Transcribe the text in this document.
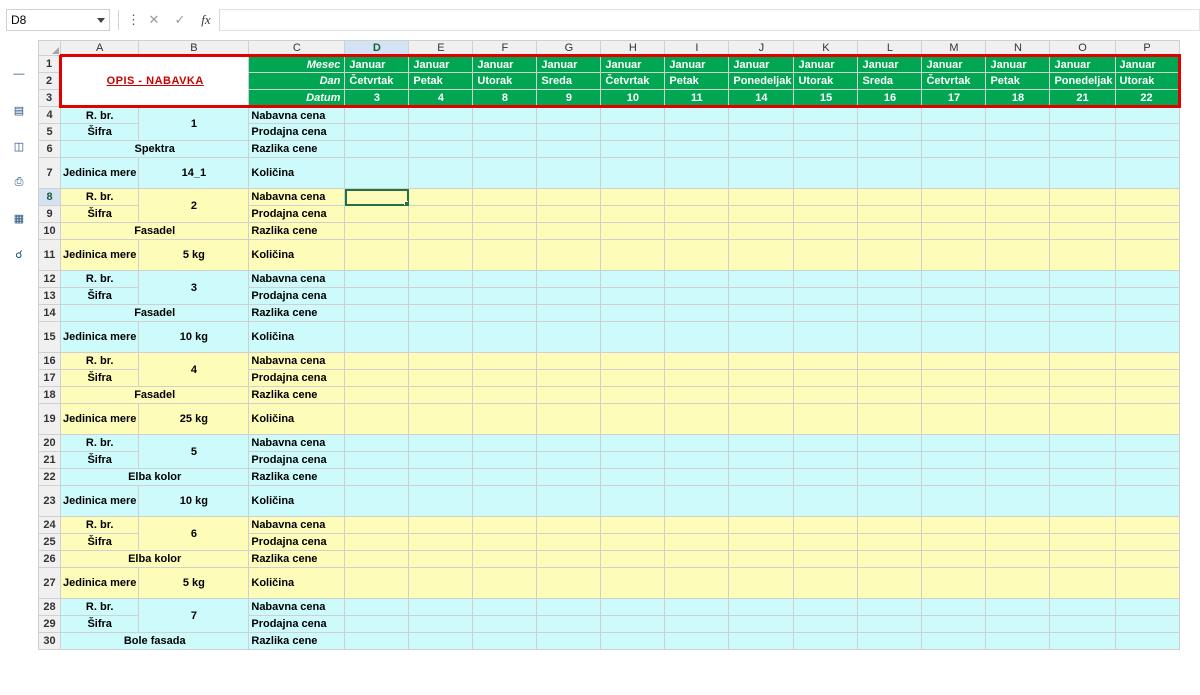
D8	⋮ ✕	✓	fx
—
▤
◫
⎙
▦
☌
	A	B	C	D	E	F	G	H	I	J	K	L	M	N	O	P
1	OPIS - NABAVKA		Mesec	Januar	Januar	Januar	Januar	Januar	Januar	Januar	Januar	Januar	Januar	Januar	Januar	Januar
2			Dan	Četvrtak	Petak	Utorak	Sreda	Četvrtak	Petak	Ponedeljak	Utorak	Sreda	Četvrtak	Petak	Ponedeljak	Utorak
3			Datum	3	4	8	9	10	11	14	15	16	17	18	21	22
4	R. br.	1	Nabavna cena													
5	Šifra		Prodajna cena													
6	Spektra		Razlika cene													
7	Jedinica mere	14_1	Količina													
8	R. br.	2	Nabavna cena													
9	Šifra		Prodajna cena													
10	Fasadel		Razlika cene													
11	Jedinica mere	5 kg	Količina													
12	R. br.	3	Nabavna cena													
13	Šifra		Prodajna cena													
14	Fasadel		Razlika cene													
15	Jedinica mere	10 kg	Količina													
16	R. br.	4	Nabavna cena													
17	Šifra		Prodajna cena													
18	Fasadel		Razlika cene													
19	Jedinica mere	25 kg	Količina													
20	R. br.	5	Nabavna cena													
21	Šifra		Prodajna cena													
22	Elba kolor		Razlika cene													
23	Jedinica mere	10 kg	Količina													
24	R. br.	6	Nabavna cena													
25	Šifra		Prodajna cena													
26	Elba kolor		Razlika cene													
27	Jedinica mere	5 kg	Količina													
28	R. br.	7	Nabavna cena													
29	Šifra		Prodajna cena													
30	Bole fasada		Razlika cene													
